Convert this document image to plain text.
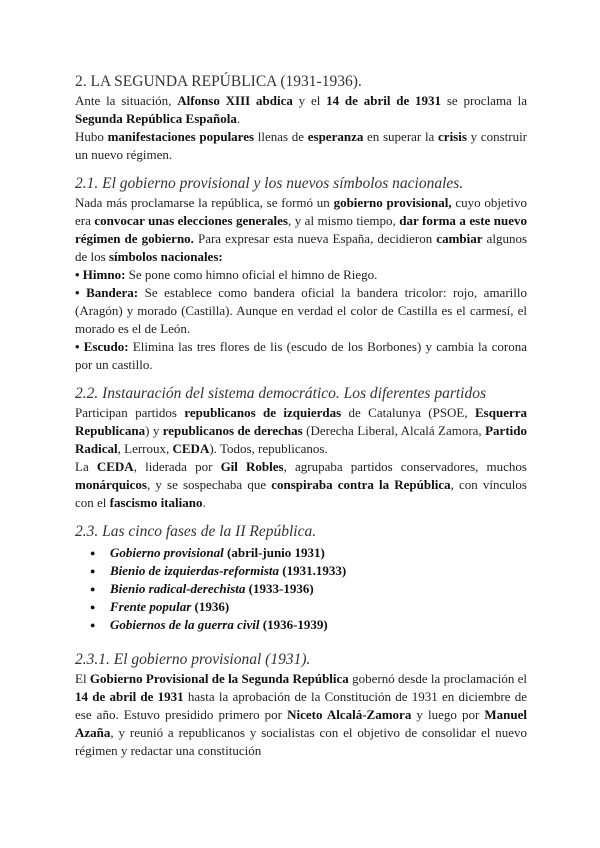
2. LA SEGUNDA REPÚBLICA (1931-1936).

Ante la situación, Alfonso XIII abdica y el 14 de abril de 1931 se proclama la Segunda República Española.

Hubo manifestaciones populares llenas de esperanza en superar la crisis y construir un nuevo régimen.

2.1. El gobierno provisional y los nuevos símbolos nacionales.

Nada más proclamarse la república, se formó un gobierno provisional, cuyo objetivo era convocar unas elecciones generales, y al mismo tiempo, dar forma a este nuevo régimen de gobierno. Para expresar esta nueva España, decidieron cambiar algunos de los símbolos nacionales:

• Himno: Se pone como himno oficial el himno de Riego.

• Bandera: Se establece como bandera oficial la bandera tricolor: rojo, amarillo (Aragón) y morado (Castilla). Aunque en verdad el color de Castilla es el carmesí, el morado es el de León.

• Escudo: Elimina las tres flores de lis (escudo de los Borbones) y cambia la corona por un castillo.

2.2. Instauración del sistema democrático. Los diferentes partidos

Participan partidos republicanos de izquierdas de Catalunya (PSOE, Esquerra Republicana) y republicanos de derechas (Derecha Liberal, Alcalá Zamora, Partido Radical, Lerroux, CEDA). Todos, republicanos.

La CEDA, liderada por Gil Robles, agrupaba partidos conservadores, muchos monárquicos, y se sospechaba que conspiraba contra la República, con vínculos con el fascismo italiano.

2.3. Las cinco fases de la II República.
● Gobierno provisional (abril-junio 1931)
● Bienio de izquierdas-reformista (1931.1933)
● Bienio radical-derechista (1933-1936)
● Frente popular (1936)
● Gobiernos de la guerra civil (1936-1939)
2.3.1. El gobierno provisional (1931).

El Gobierno Provisional de la Segunda República gobernó desde la proclamación el 14 de abril de 1931 hasta la aprobación de la Constitución de 1931 en diciembre de ese año. Estuvo presidido primero por Niceto Alcalá-Zamora y luego por Manuel Azaña, y reunió a republicanos y socialistas con el objetivo de consolidar el nuevo régimen y redactar una constitución
